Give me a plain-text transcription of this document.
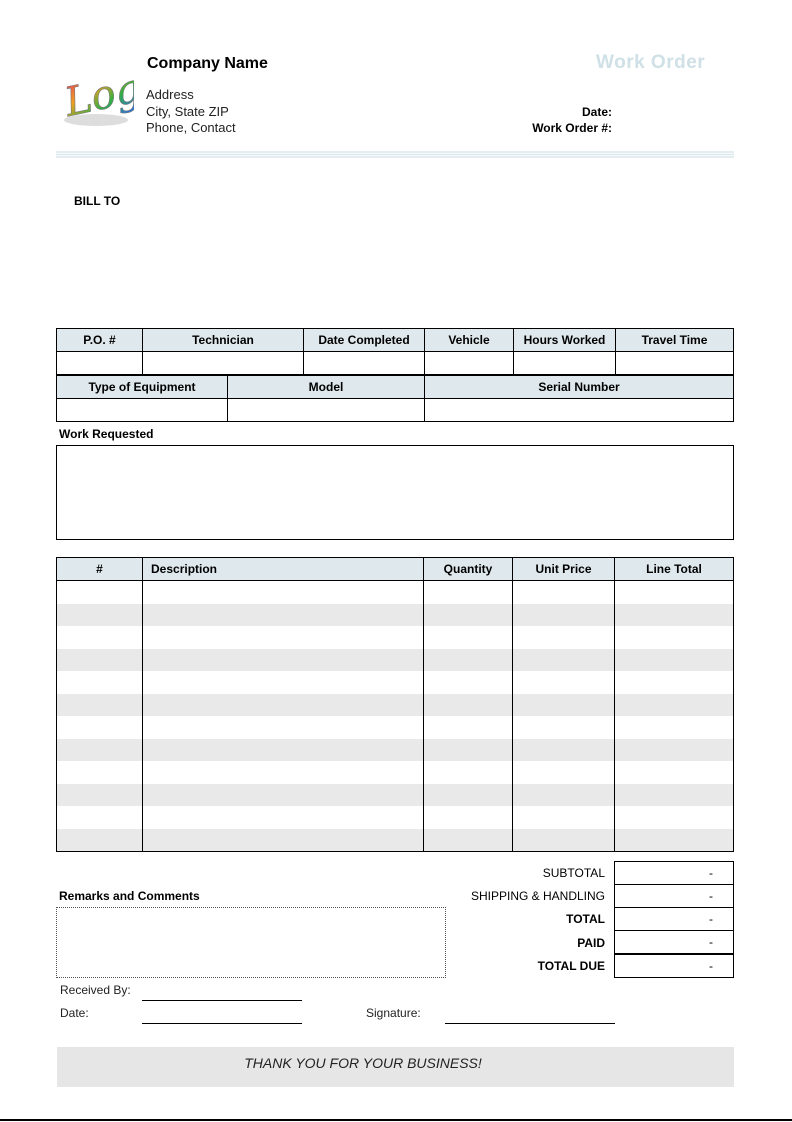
Logo
Company Name
Address
City, State ZIP
Phone, Contact
Work Order
Date:
Work Order #:
BILL TO
P.O. #	Technician	Date Completed	Vehicle	Hours Worked	Travel Time

Type of Equipment	Model	Serial Number

Work Requested
#	Description	Quantity	Unit Price	Line Total

SUBTOTAL	-
SHIPPING & HANDLING	-
TOTAL	-
PAID	-
TOTAL DUE	-
Remarks and Comments
Received By:
Date:	Signature:
THANK YOU FOR YOUR BUSINESS!
